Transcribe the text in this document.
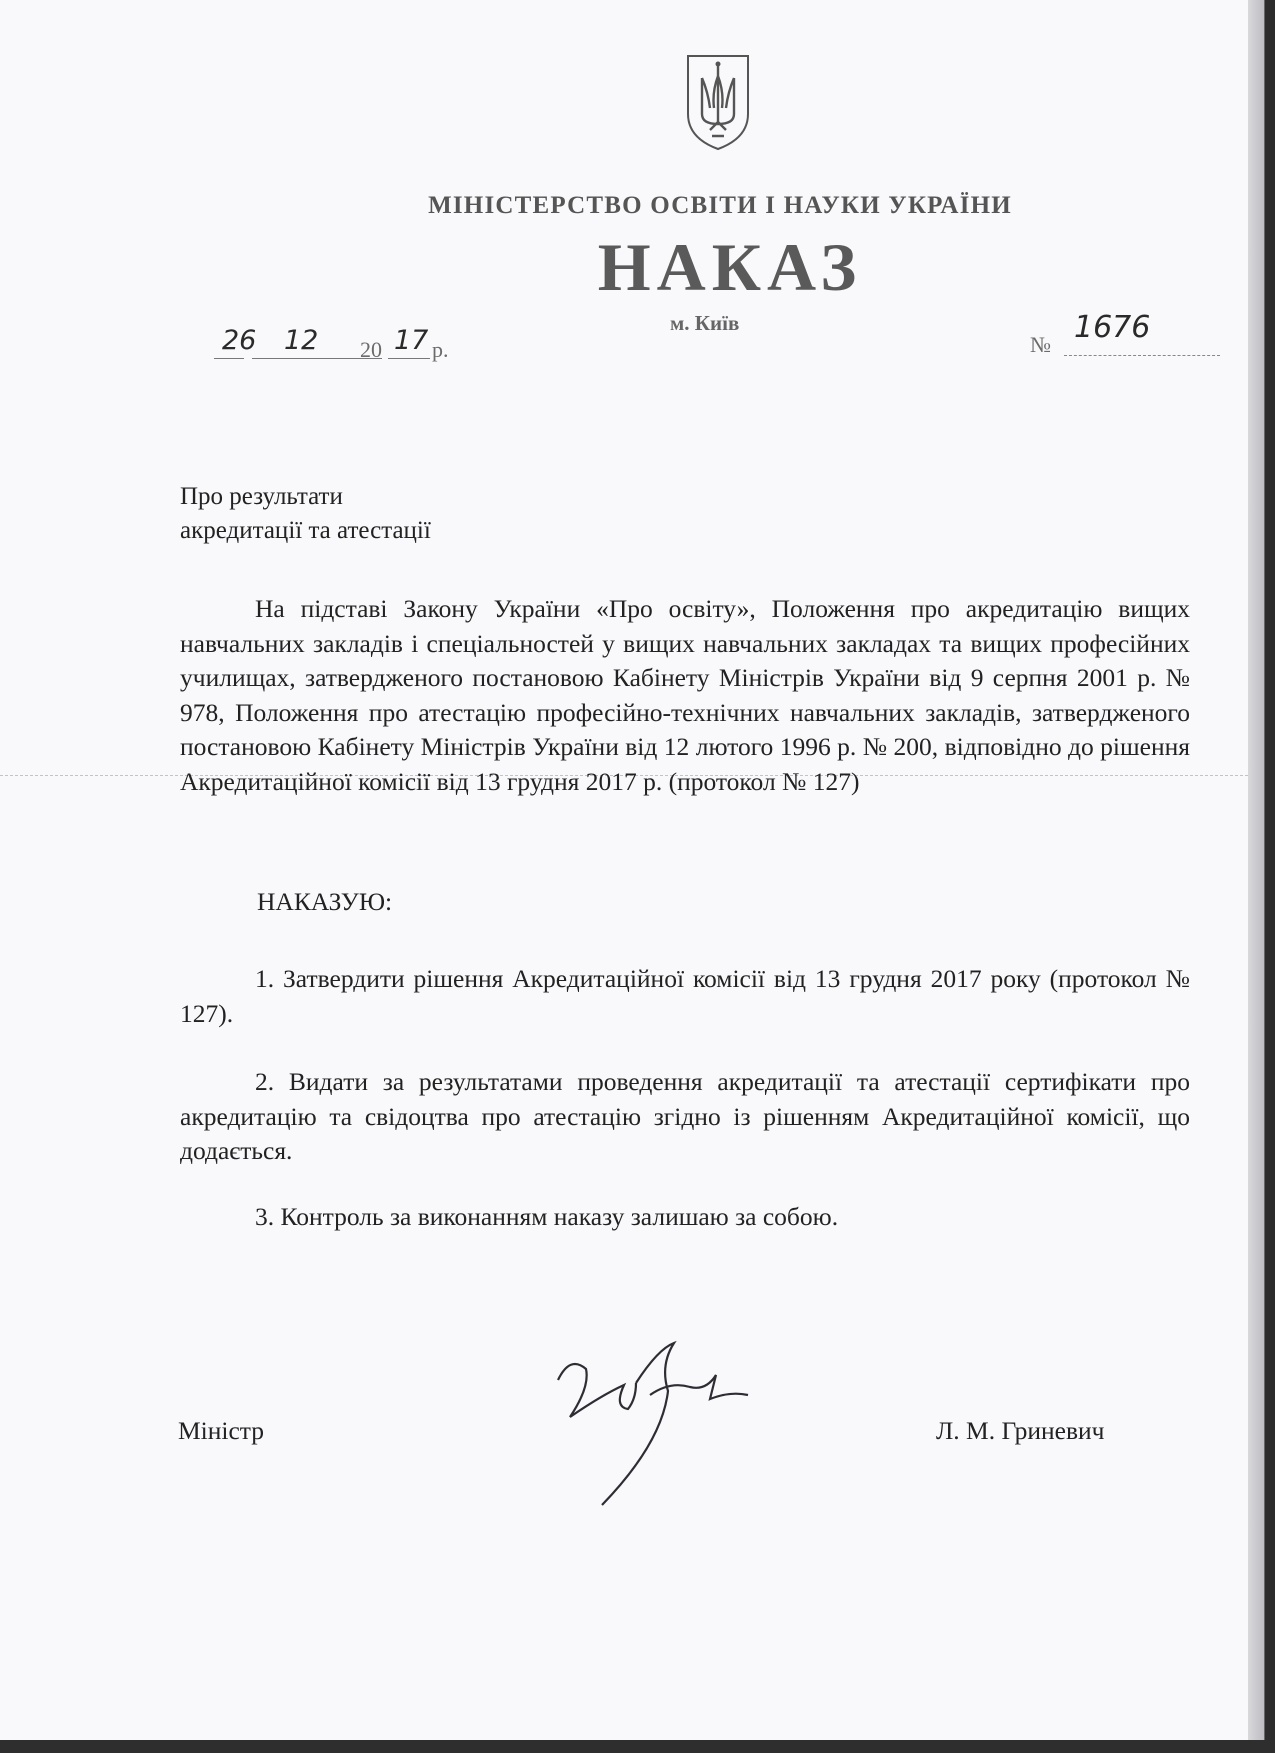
МІНІСТЕРСТВО ОСВІТИ І НАУКИ УКРАЇНИ
НАКАЗ
м. Київ
26 12 20 17 р.	№ 1676
Про результати
акредитації та атестації

На підставі Закону України «Про освіту», Положення про акредитацію вищих навчальних закладів і спеціальностей у вищих навчальних закладах та вищих професійних училищах, затвердженого постановою Кабінету Міністрів України від 9 серпня 2001 р. № 978, Положення про атестацію професійно-технічних навчальних закладів, затвердженого постановою Кабінету Міністрів України від 12 лютого 1996 р. № 200, відповідно до рішення Акредитаційної комісії від 13 грудня 2017 р. (протокол № 127)

НАКАЗУЮ:

1. Затвердити рішення Акредитаційної комісії від 13 грудня 2017 року (протокол № 127).

2. Видати за результатами проведення акредитації та атестації сертифікати про акредитацію та свідоцтва про атестацію згідно із рішенням Акредитаційної комісії, що додається.

3. Контроль за виконанням наказу залишаю за собою.

Міністр	Л. М. Гриневич
